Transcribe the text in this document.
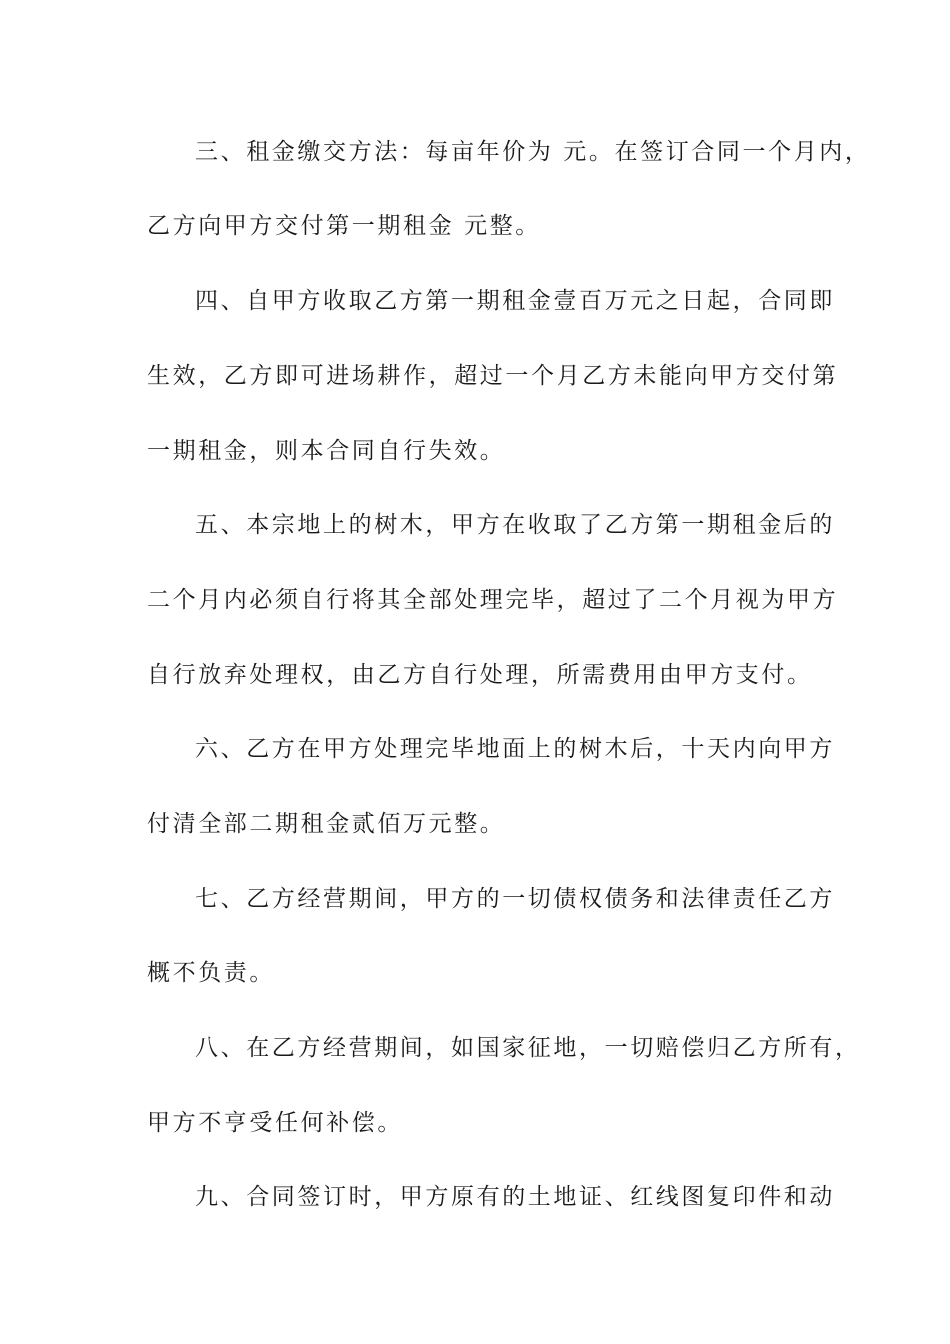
三、租金缴交方法：每亩年价为 元。在签订合同一个月内，
乙方向甲方交付第一期租金 元整。
四、自甲方收取乙方第一期租金壹百万元之日起，合同即
生效，乙方即可进场耕作，超过一个月乙方未能向甲方交付第
一期租金，则本合同自行失效。
五、本宗地上的树木，甲方在收取了乙方第一期租金后的
二个月内必须自行将其全部处理完毕，超过了二个月视为甲方
自行放弃处理权，由乙方自行处理，所需费用由甲方支付。
六、乙方在甲方处理完毕地面上的树木后，十天内向甲方
付清全部二期租金贰佰万元整。
七、乙方经营期间，甲方的一切债权债务和法律责任乙方
概不负责。
八、在乙方经营期间，如国家征地，一切赔偿归乙方所有，
甲方不亨受任何补偿。
九、合同签订时，甲方原有的土地证、红线图复印件和动
